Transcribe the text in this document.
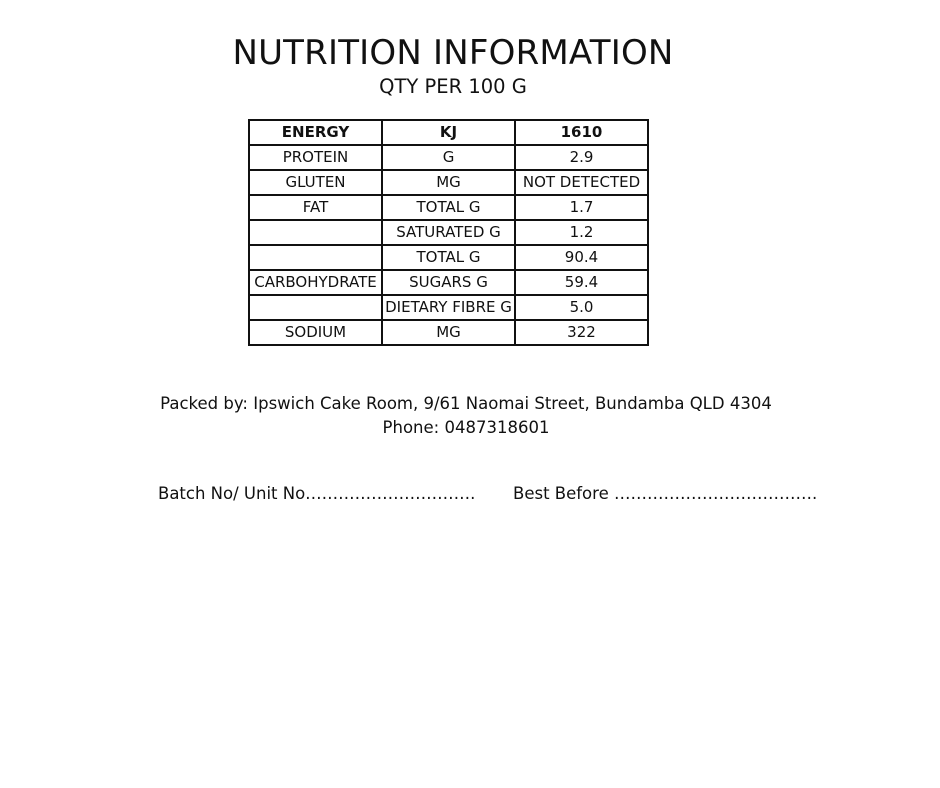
NUTRITION INFORMATION
QTY PER 100 G
ENERGY	KJ	1610
PROTEIN	G	2.9
GLUTEN	MG	NOT DETECTED
FAT	TOTAL G	1.7
	SATURATED G	1.2
	TOTAL G	90.4
CARBOHYDRATE	SUGARS G	59.4
	DIETARY FIBRE G	5.0
SODIUM	MG	322
Packed by: Ipswich Cake Room, 9/61 Naomai Street, Bundamba QLD 4304
Phone: 0487318601
Batch No/ Unit No…………………………. Best Before ……………………………….
